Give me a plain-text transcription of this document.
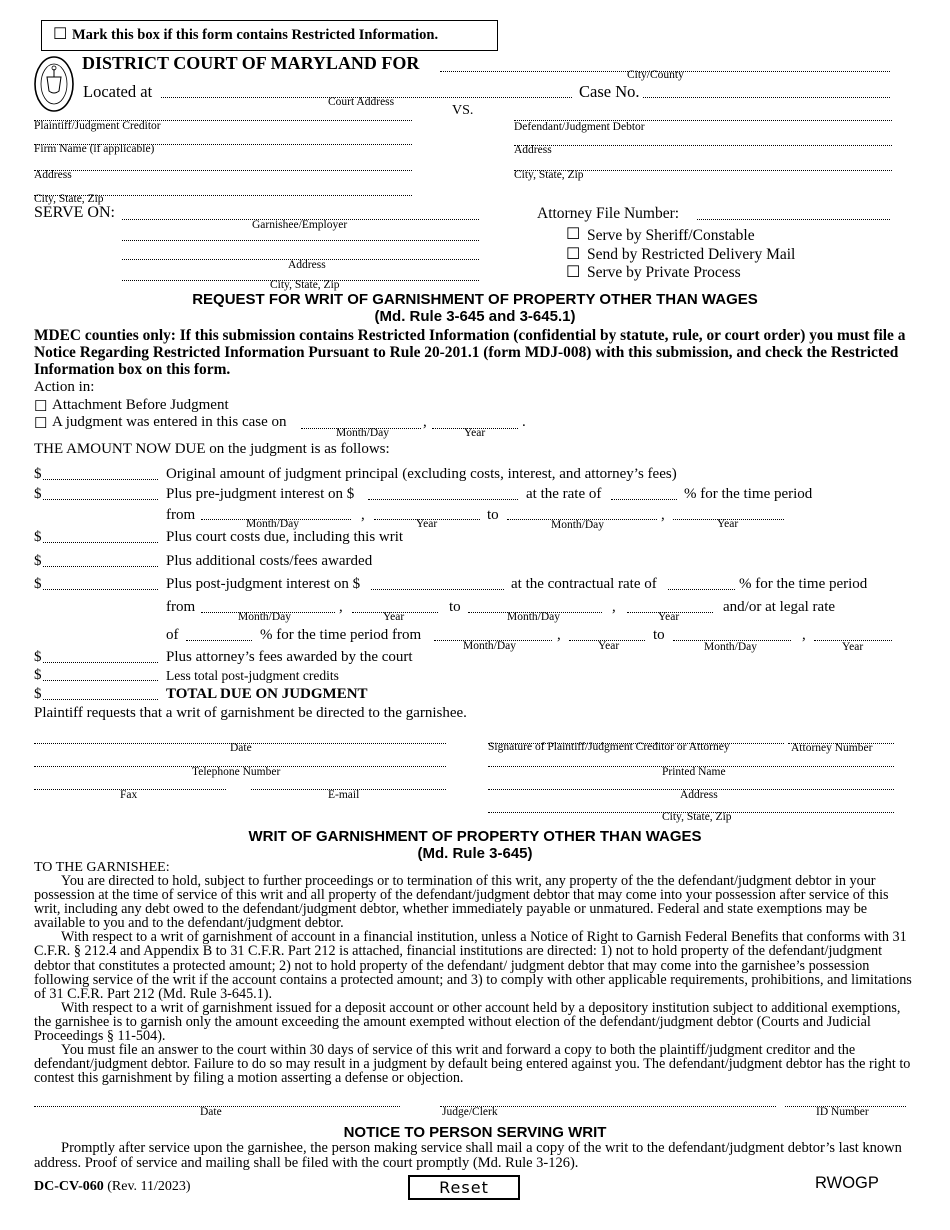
☐ Mark this box if this form contains Restricted Information.
DISTRICT COURT OF MARYLAND FOR
City/County
Located at
Court Address
Case No.
VS.
Plaintiff/Judgment Creditor
Firm Name (if applicable)
Address
City, State, Zip
Defendant/Judgment Debtor
Address
City, State, Zip
SERVE ON:
Garnishee/Employer
Address
City, State, Zip
Attorney File Number:
☐ Serve by Sheriff/Constable
☐ Send by Restricted Delivery Mail
☐ Serve by Private Process
REQUEST FOR WRIT OF GARNISHMENT OF PROPERTY OTHER THAN WAGES
(Md. Rule 3-645 and 3-645.1)
MDEC counties only: If this submission contains Restricted Information (confidential by statute, rule, or court order) you must file a Notice Regarding Restricted Information Pursuant to Rule 20-201.1 (form MDJ-008) with this submission, and check the Restricted Information box on this form.
Action in:
☐ Attachment Before Judgment
☐ A judgment was entered in this case on
Month/Day
,
Year
.
THE AMOUNT NOW DUE on the judgment is as follows:
$	Original amount of judgment principal (excluding costs, interest, and attorney’s fees)
$	Plus pre-judgment interest on $	at the rate of	% for the time period
from
Month/Day
,
Year
to
Month/Day
,
Year
$	Plus court costs due, including this writ
$	Plus additional costs/fees awarded
$	Plus post-judgment interest on $	at the contractual rate of	% for the time period
from
Month/Day
,
Year
to
Month/Day
,
Year
and/or at legal rate
of	% for the time period from
Month/Day
,
Year
to
Month/Day
,
Year
$	Plus attorney’s fees awarded by the court
$	Less total post-judgment credits
$	TOTAL DUE ON JUDGMENT
Plaintiff requests that a writ of garnishment be directed to the garnishee.
Date
Telephone Number
Fax	E-mail
Signature of Plaintiff/Judgment Creditor or Attorney	Attorney Number
Printed Name
Address
City, State, Zip
WRIT OF GARNISHMENT OF PROPERTY OTHER THAN WAGES
(Md. Rule 3-645)
TO THE GARNISHEE:

You are directed to hold, subject to further proceedings or to termination of this writ, any property of the the defendant/judgment debtor in your possession at the time of service of this writ and all property of the defendant/judgment debtor that may come into your possession after service of this writ, including any debt owed to the defendant/judgment debtor, whether immediately payable or unmatured. Federal and state exemptions may be available to you and to the defendant/judgment debtor.

With respect to a writ of garnishment of account in a financial institution, unless a Notice of Right to Garnish Federal Benefits that conforms with 31 C.F.R. § 212.4 and Appendix B to 31 C.F.R. Part 212 is attached, financial institutions are directed: 1) not to hold property of the defendant/judgment debtor that constitutes a protected amount; 2) not to hold property of the defendant/ judgment debtor that may come into the garnishee’s possession following service of the writ if the account contains a protected amount; and 3) to comply with other applicable requirements, prohibitions, and limitations of 31 C.F.R. Part 212 (Md. Rule 3-645.1).

With respect to a writ of garnishment issued for a deposit account or other account held by a depository institution subject to additional exemptions, the garnishee is to garnish only the amount exceeding the amount exempted without election of the defendant/judgment debtor (Courts and Judicial Proceedings § 11-504).

You must file an answer to the court within 30 days of service of this writ and forward a copy to both the plaintiff/judgment creditor and the defendant/judgment debtor. Failure to do so may result in a judgment by default being entered against you. The defendant/judgment debtor has the right to contest this garnishment by filing a motion asserting a defense or objection.

Date	Judge/Clerk	ID Number
NOTICE TO PERSON SERVING WRIT

Promptly after service upon the garnishee, the person making service shall mail a copy of the writ to the defendant/judgment debtor’s last known address. Proof of service and mailing shall be filed with the court promptly (Md. Rule 3-126).

DC-CV-060 (Rev. 11/2023)	Reset	RWOGP
